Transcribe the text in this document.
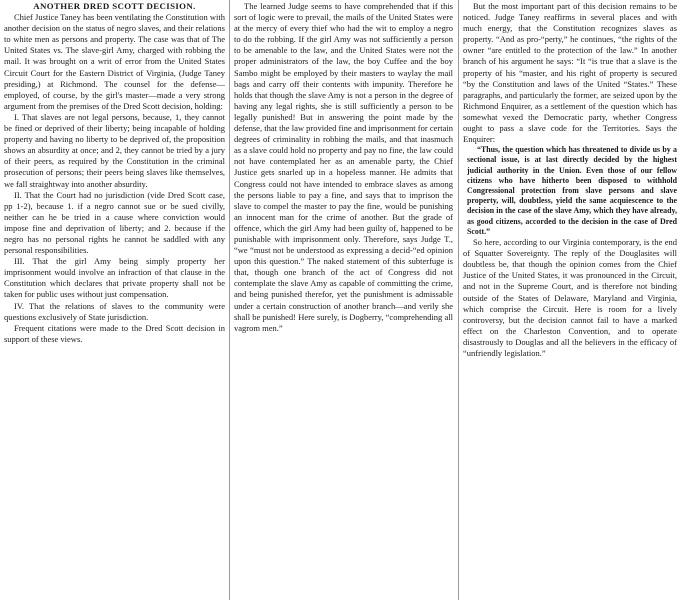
ANOTHER DRED SCOTT DECISION.

Chief Justice Taney has been ventilating the Constitution with another decision on the status of negro slaves, and their relations to white men as persons and property. The case was that of The United States vs. The slave-girl Amy, charged with robbing the mail. It was brought on a writ of error from the United States Circuit Court for the Eastern District of Virginia, (Judge Taney presiding,) at Richmond. The counsel for the defense—employed, of course, by the girl's master—made a very strong argument from the premises of the Dred Scott decision, holding:

I. That slaves are not legal persons, because, 1, they cannot be fined or deprived of their liberty; being incapable of holding property and having no liberty to be deprived of, the proposition shows an absurdity at once; and 2, they cannot be tried by a jury of their peers, as required by the Constitution in the criminal prosecution of persons; their peers being slaves like themselves, we fall straightway into another absurdity.

II. That the Court had no jurisdiction (vide Dred Scott case, pp 1-2), because 1. if a negro cannot sue or be sued civilly, neither can he be tried in a cause where conviction would impose fine and deprivation of liberty; and 2. because if the negro has no personal rights he cannot be saddled with any personal responsibilities.

III. That the girl Amy being simply property her imprisonment would involve an infraction of that clause in the Constitution which declares that private property shall not be taken for public uses without just compensation.

IV. That the relations of slaves to the community were questions exclusively of State jurisdiction.

Frequent citations were made to the Dred Scott decision in support of these views.

The learned Judge seems to have comprehended that if this sort of logic were to prevail, the mails of the United States were at the mercy of every thief who had the wit to employ a negro to do the robbing. If the girl Amy was not sufficiently a person to be amenable to the law, and the United States were not the proper administrators of the law, the boy Cuffee and the boy Sambo might be employed by their masters to waylay the mail bags and carry off their contents with impunity. Therefore he holds that though the slave Amy is not a person in the degree of having any legal rights, she is still sufficiently a person to be legally punished! But in answering the point made by the defense, that the law provided fine and imprisonment for certain degrees of criminality in robbing the mails, and that inasmuch as a slave could hold no property and pay no fine, the law could not have contemplated her as an amenable party, the Chief Justice gets snarled up in a hopeless manner. He admits that Congress could not have intended to embrace slaves as among the persons liable to pay a fine, and says that to imprison the slave to compel the master to pay the fine, would be punishing an innocent man for the crime of another. But the grade of offence, which the girl Amy had been guilty of, happened to be punishable with imprisonment only. Therefore, says Judge T., “we “must not be understood as expressing a decid-“ed opinion upon this question.” The naked statement of this subterfuge is that, though one branch of the act of Congress did not contemplate the slave Amy as capable of committing the crime, and being punished therefor, yet the punishment is admissable under a certain construction of another branch—and verily she shall be punished! Here surely, is Dogberry, “comprehending all vagrom men.”

But the most important part of this decision remains to be noticed. Judge Taney reaffirms in several places and with much energy, that the Constitution recognizes slaves as property. “And as pro-“perty,” he continues, “the rights of the owner “are entitled to the protection of the law.” In another branch of his argument he says: “It “is true that a slave is the property of his “master, and his right of property is secured “by the Constitution and laws of the United “States.” These paragraphs, and particularly the former, are seized upon by the Richmond Enquirer, as a settlement of the question which has somewhat vexed the Democratic party, whether Congress ought to pass a slave code for the Territories. Says the Enquirer:

“Thus, the question which has threatened to divide us by a sectional issue, is at last directly decided by the highest judicial authority in the Union. Even those of our fellow citizens who have hitherto been disposed to withhold Congressional protection from slave persons and slave property, will, doubtless, yield the same acquiescence to the decision in the case of the slave Amy, which they have already, as good citizens, accorded to the decision in the case of Dred Scott.”

So here, according to our Virginia contemporary, is the end of Squatter Sovereignty. The reply of the Douglasites will doubtless be, that though the opinion comes from the Chief Justice of the United States, it was pronounced in the Circuit, and not in the Supreme Court, and is therefore not binding outside of the States of Delaware, Maryland and Virginia, which comprise the Circuit. Here is room for a lively controversy, but the decision cannot fail to have a marked effect on the Charleston Convention, and to operate disastrously to Douglas and all the believers in the efficacy of “unfriendly legislation.”
